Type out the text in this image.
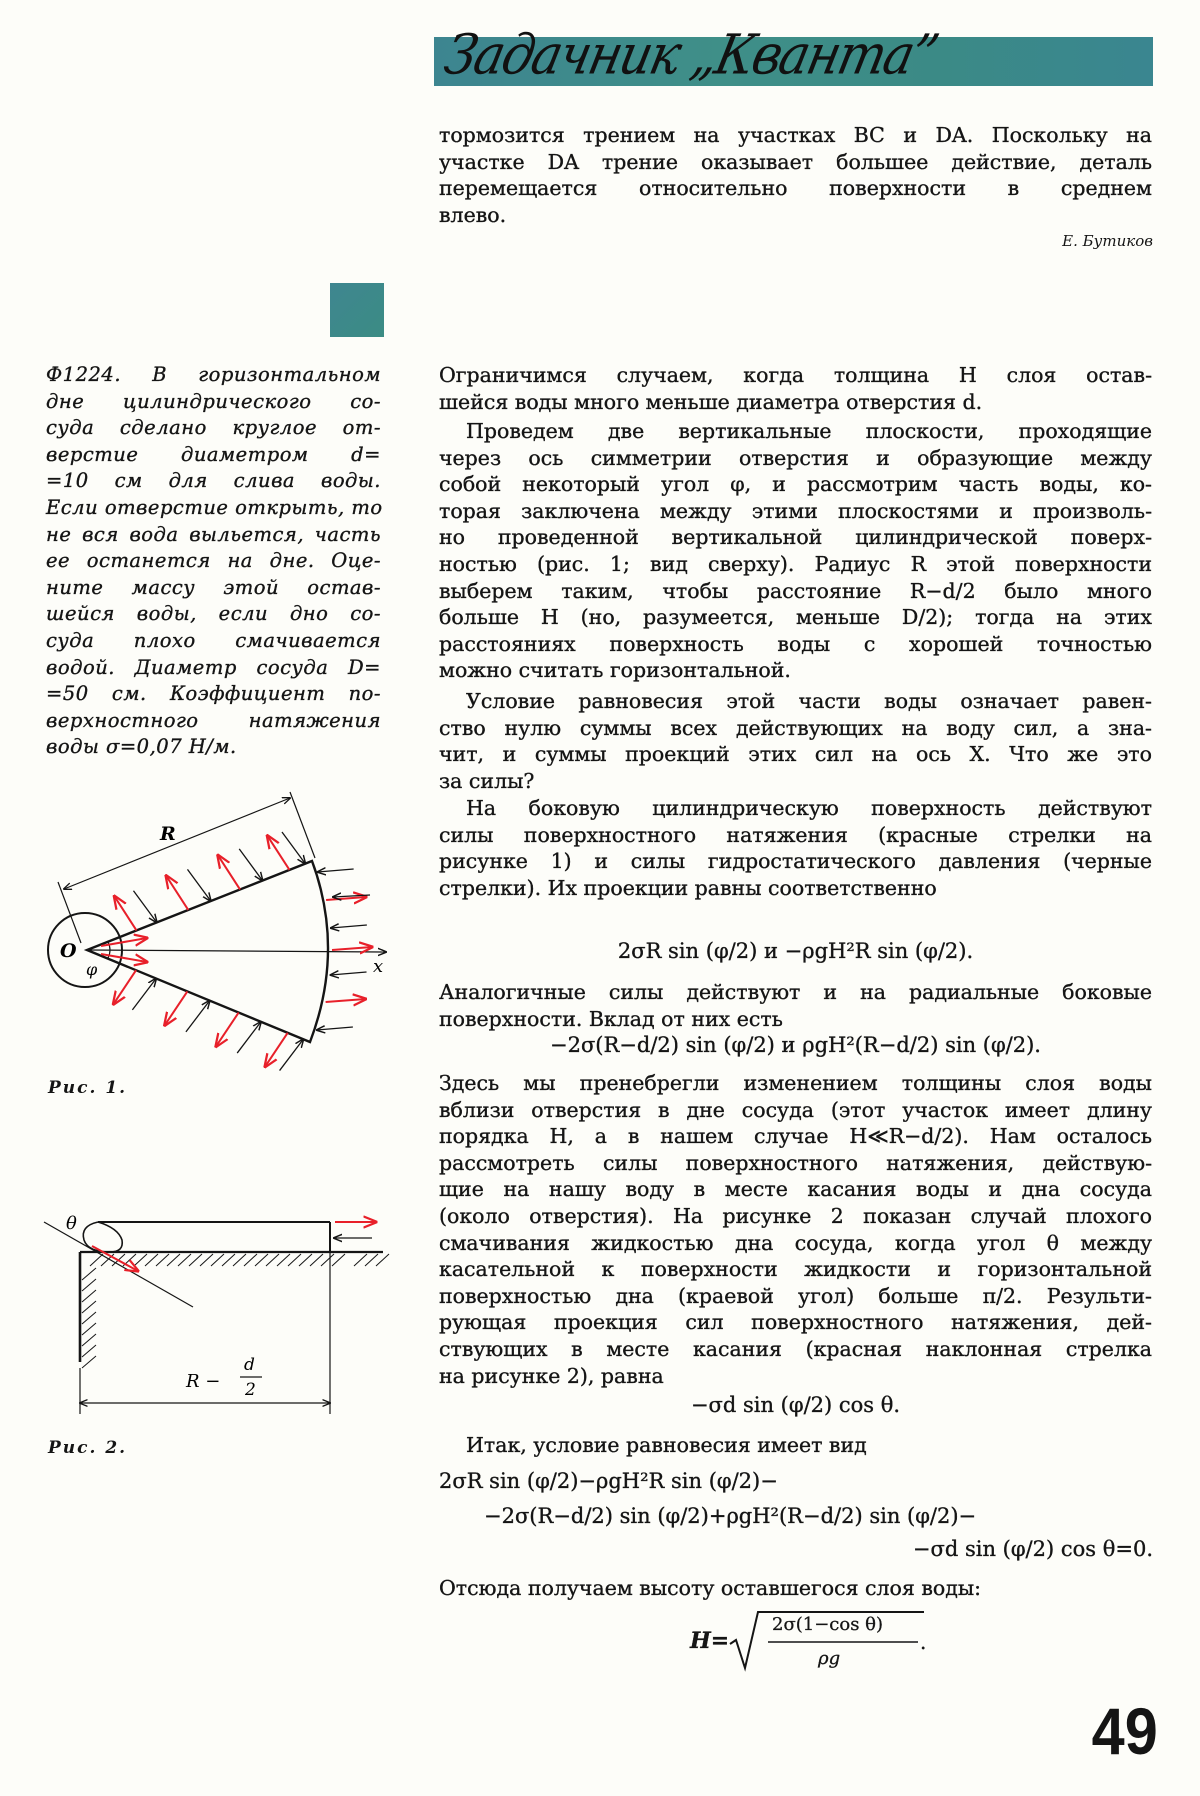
Задачник „Кванта”
тормозится трением на участках BC и DA. Поскольку на
участке DA трение оказывает большее действие, деталь
перемещается относительно поверхности в среднем
влево.
Е. Бутиков
Ф1224. В горизонтальном
дне цилиндрического со-
суда сделано круглое от-
верстие диаметром d=
=10 см для слива воды.
Если отверстие открыть, то
не вся вода выльется, часть
ее останется на дне. Оце-
ните массу этой остав-
шейся воды, если дно со-
суда плохо смачивается
водой. Диаметр сосуда D=
=50 см. Коэффициент по-
верхностного натяжения
воды σ=0,07 Н/м.
Ограничимся случаем, когда толщина H слоя остав-
шейся воды много меньше диаметра отверстия d.
Проведем две вертикальные плоскости, проходящие
через ось симметрии отверстия и образующие между
собой некоторый угол φ, и рассмотрим часть воды, ко-
торая заключена между этими плоскостями и произволь-
но проведенной вертикальной цилиндрической поверх-
ностью (рис. 1; вид сверху). Радиус R этой поверхности
выберем таким, чтобы расстояние R−d/2 было много
больше H (но, разумеется, меньше D/2); тогда на этих
расстояниях поверхность воды с хорошей точностью
можно считать горизонтальной.
Условие равновесия этой части воды означает равен-
ство нулю суммы всех действующих на воду сил, а зна-
чит, и суммы проекций этих сил на ось X. Что же это
за силы?
На боковую цилиндрическую поверхность действуют
силы поверхностного натяжения (красные стрелки на
рисунке 1) и силы гидростатического давления (черные
стрелки). Их проекции равны соответственно
2σR sin (φ/2) и −ρgH²R sin (φ/2).
Аналогичные силы действуют и на радиальные боковые
поверхности. Вклад от них есть
−2σ(R−d/2) sin (φ/2) и ρgH²(R−d/2) sin (φ/2).
Здесь мы пренебрегли изменением толщины слоя воды
вблизи отверстия в дне сосуда (этот участок имеет длину
порядка H, а в нашем случае H≪R−d/2). Нам осталось
рассмотреть силы поверхностного натяжения, действую-
щие на нашу воду в месте касания воды и дна сосуда
(около отверстия). На рисунке 2 показан случай плохого
смачивания жидкостью дна сосуда, когда угол θ между
касательной к поверхности жидкости и горизонтальной
поверхностью дна (краевой угол) больше π/2. Результи-
рующая проекция сил поверхностного натяжения, дей-
ствующих в месте касания (красная наклонная стрелка
на рисунке 2), равна
−σd sin (φ/2) cos θ.
Итак, условие равновесия имеет вид
2σR sin (φ/2)−ρgH²R sin (φ/2)−
−2σ(R−d/2) sin (φ/2)+ρgH²(R−d/2) sin (φ/2)−
−σd sin (φ/2) cos θ=0.
Отсюда получаем высоту оставшегося слоя воды:
H=
2σ(1−cos θ)
ρg
.
R
O
φ	x
θ
R −
d
2
Рис. 1.
Рис. 2.
49
